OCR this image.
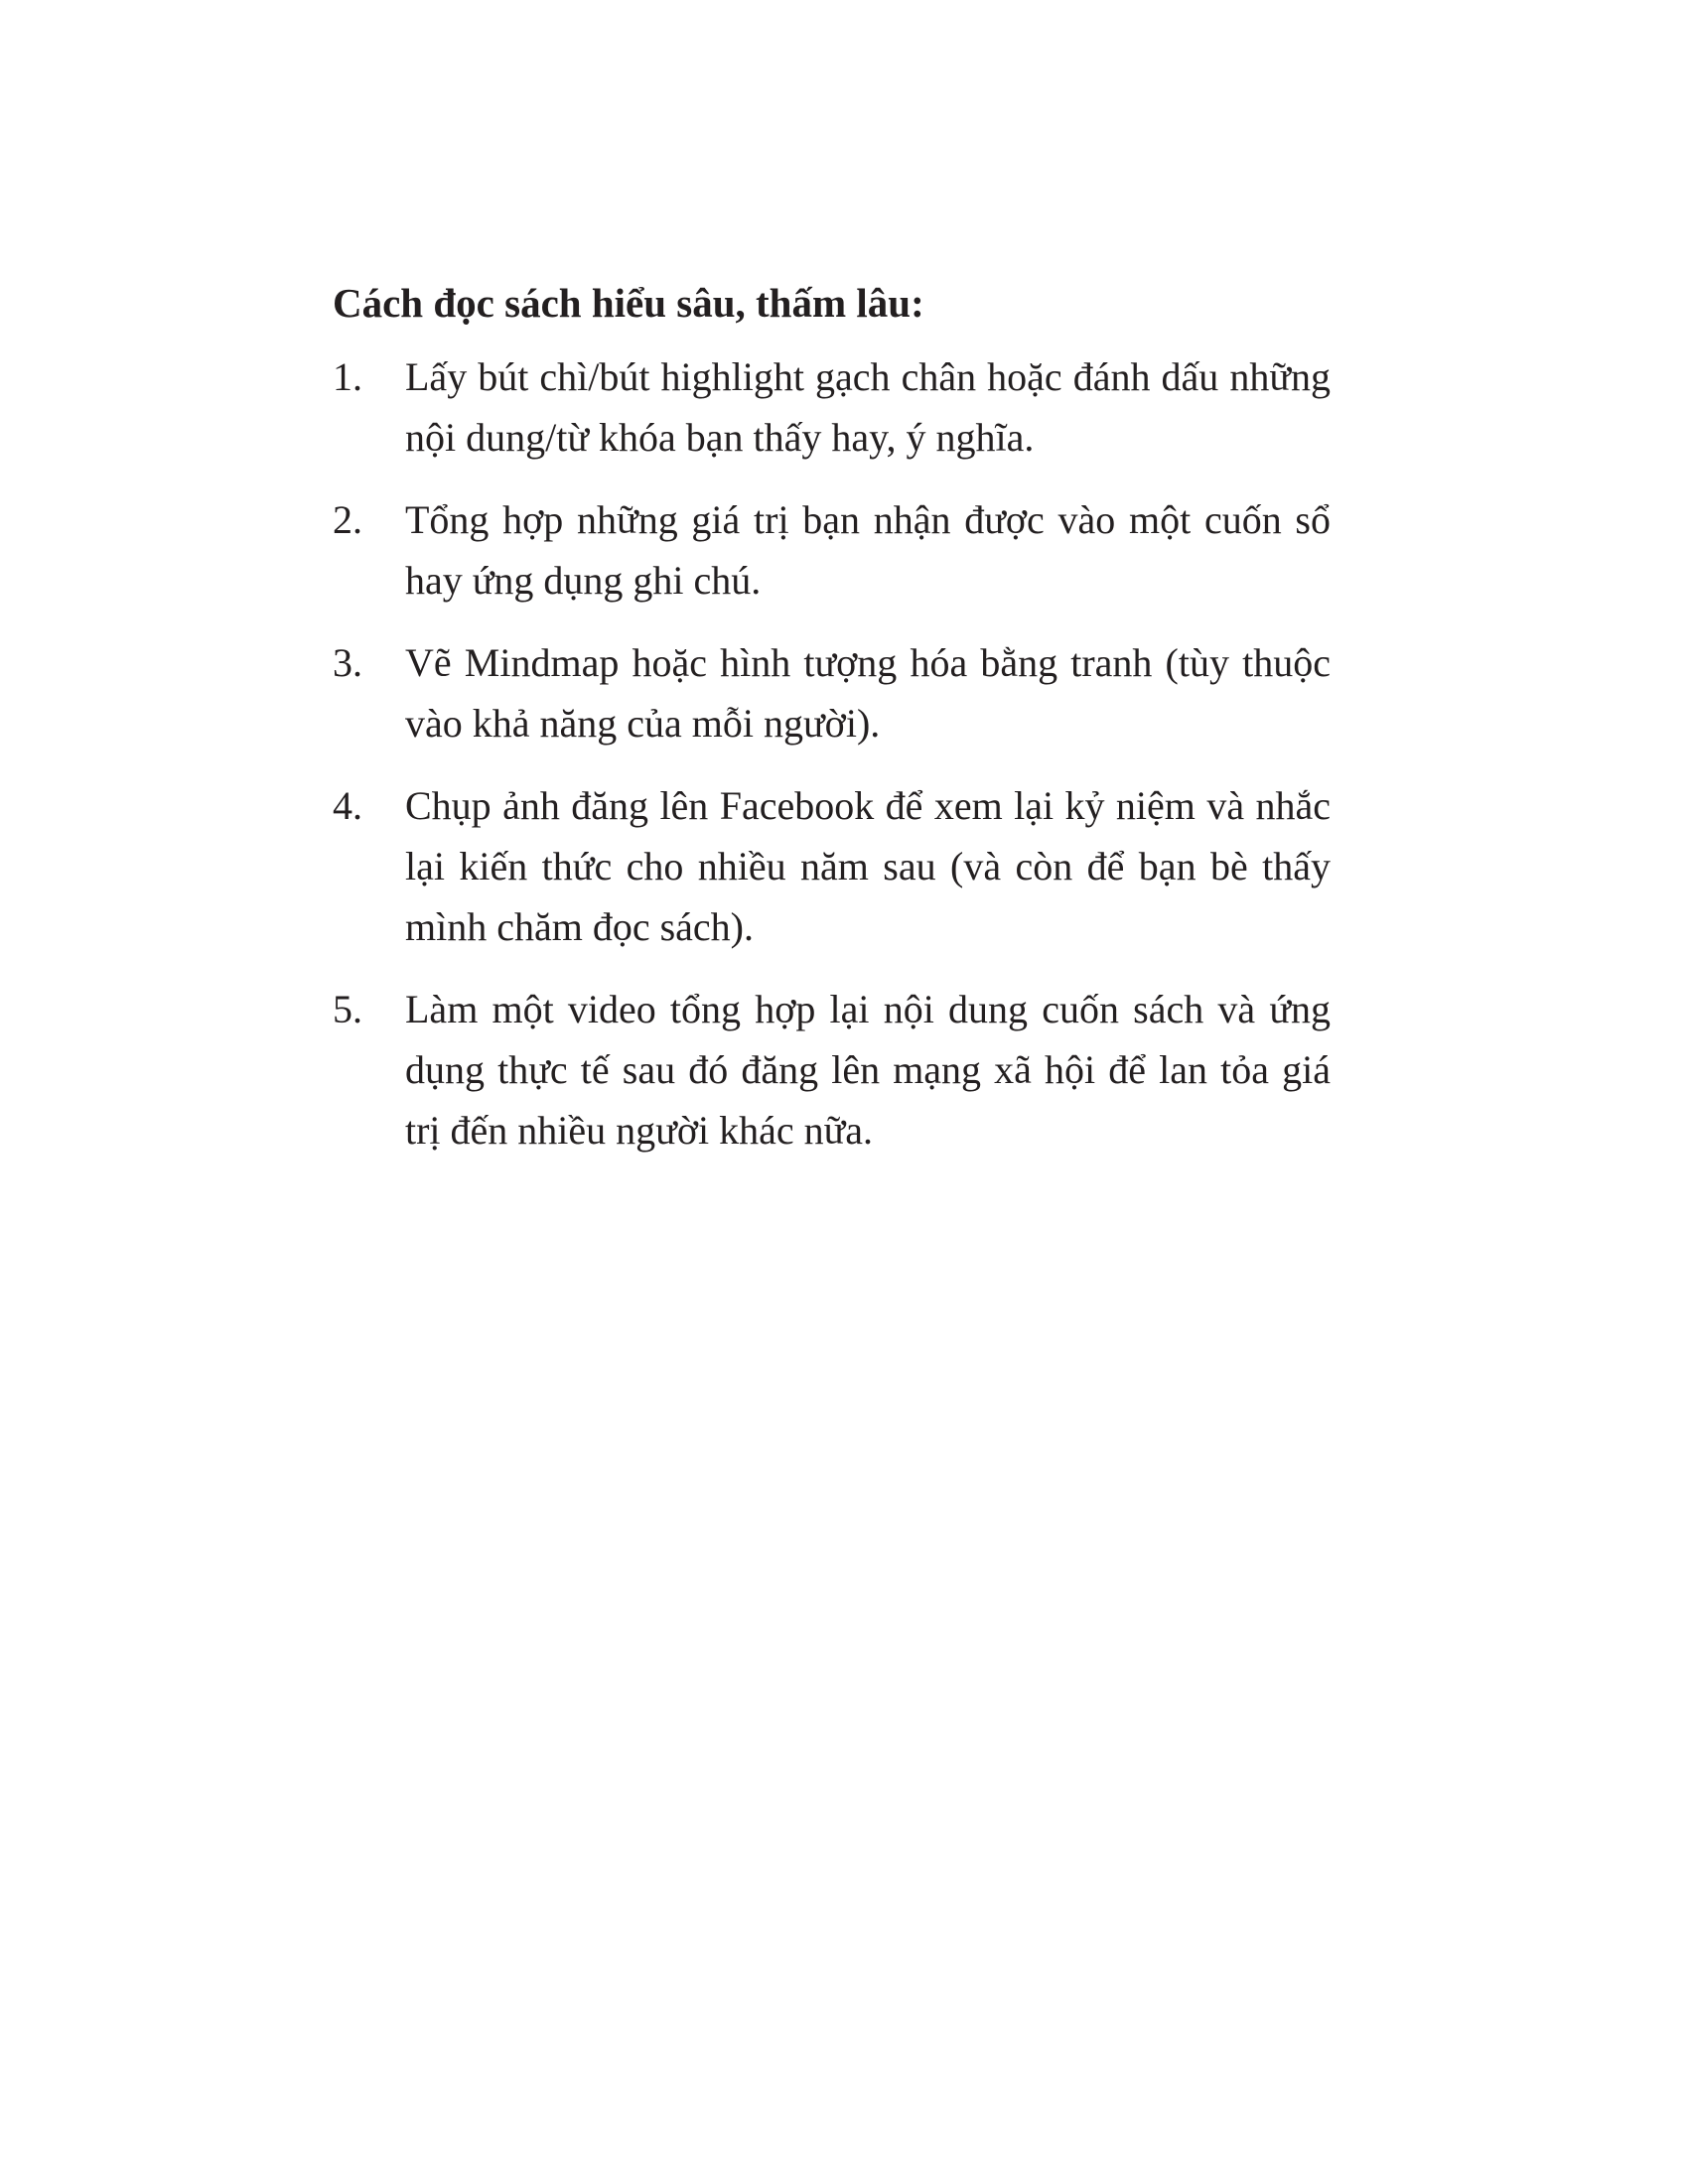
Cách đọc sách hiểu sâu, thấm lâu:
1.	Lấy bút chì/bút highlight gạch chân hoặc đánh dấu những nội dung/từ khóa bạn thấy hay, ý nghĩa.
2.	Tổng hợp những giá trị bạn nhận được vào một cuốn sổ hay ứng dụng ghi chú.
3.	Vẽ Mindmap hoặc hình tượng hóa bằng tranh (tùy thuộc vào khả năng của mỗi người).
4.	Chụp ảnh đăng lên Facebook để xem lại kỷ niệm và nhắc lại kiến thức cho nhiều năm sau (và còn để bạn bè thấy mình chăm đọc sách).
5.	Làm một video tổng hợp lại nội dung cuốn sách và ứng dụng thực tế sau đó đăng lên mạng xã hội để lan tỏa giá trị đến nhiều người khác nữa.
